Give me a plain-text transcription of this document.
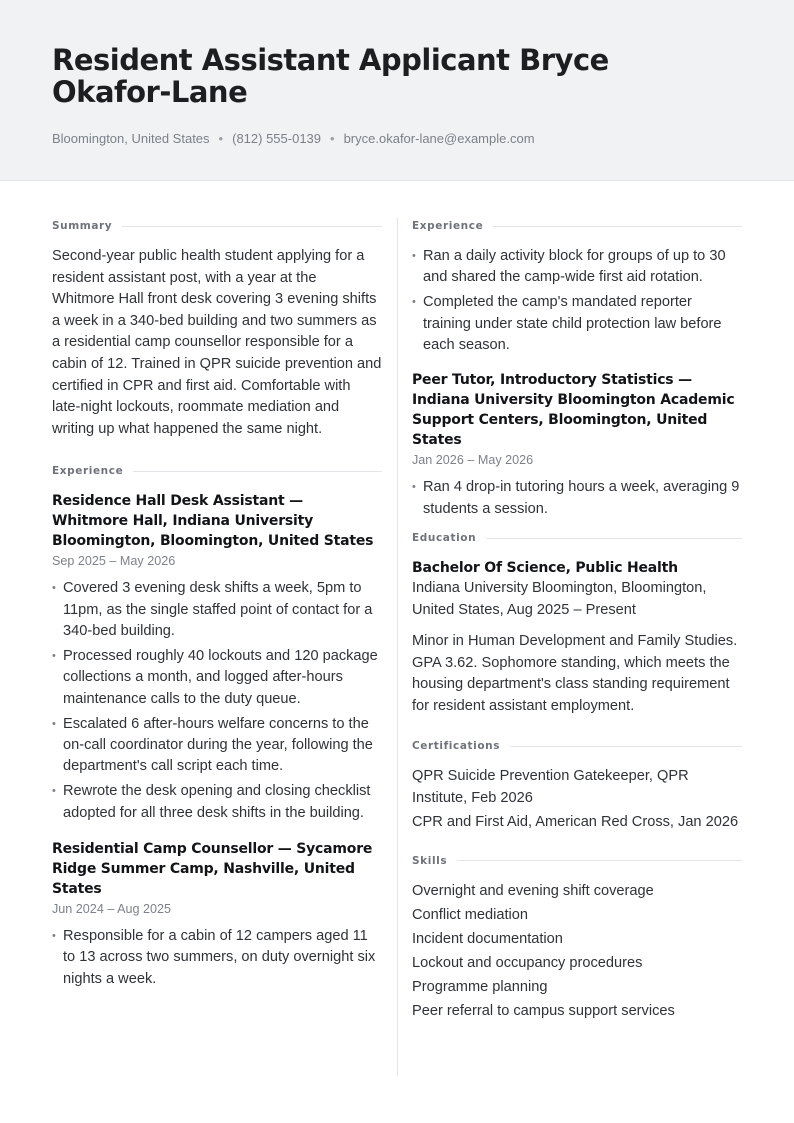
Resident Assistant Applicant Bryce Okafor-Lane
Bloomington, United States • (812) 555-0139 • bryce.okafor-lane@example.com
Summary

Second-year public health student applying for a resident assistant post, with a year at the Whitmore Hall front desk covering 3 evening shifts a week in a 340-bed building and two summers as a residential camp counsellor responsible for a cabin of 12. Trained in QPR suicide prevention and certified in CPR and first aid. Comfortable with late-night lockouts, roommate mediation and writing up what happened the same night.

Experience
Residence Hall Desk Assistant — Whitmore Hall, Indiana University Bloomington, Bloomington, United States
Sep 2025 – May 2026
• Covered 3 evening desk shifts a week, 5pm to 11pm, as the single staffed point of contact for a 340-bed building.
• Processed roughly 40 lockouts and 120 package collections a month, and logged after-hours maintenance calls to the duty queue.
• Escalated 6 after-hours welfare concerns to the on-call coordinator during the year, following the department's call script each time.
• Rewrote the desk opening and closing checklist adopted for all three desk shifts in the building.
Residential Camp Counsellor — Sycamore Ridge Summer Camp, Nashville, United States
Jun 2024 – Aug 2025
• Responsible for a cabin of 12 campers aged 11 to 13 across two summers, on duty overnight six nights a week.
Experience
• Ran a daily activity block for groups of up to 30 and shared the camp-wide first aid rotation.
• Completed the camp's mandated reporter training under state child protection law before each season.
Peer Tutor, Introductory Statistics — Indiana University Bloomington Academic Support Centers, Bloomington, United States
Jan 2026 – May 2026
• Ran 4 drop-in tutoring hours a week, averaging 9 students a session.
Education
Bachelor Of Science, Public Health
Indiana University Bloomington, Bloomington, United States, Aug 2025 – Present

Minor in Human Development and Family Studies. GPA 3.62. Sophomore standing, which meets the housing department's class standing requirement for resident assistant employment.

Certifications
QPR Suicide Prevention Gatekeeper, QPR Institute, Feb 2026
CPR and First Aid, American Red Cross, Jan 2026
Skills
Overnight and evening shift coverage
Conflict mediation
Incident documentation
Lockout and occupancy procedures
Programme planning
Peer referral to campus support services
